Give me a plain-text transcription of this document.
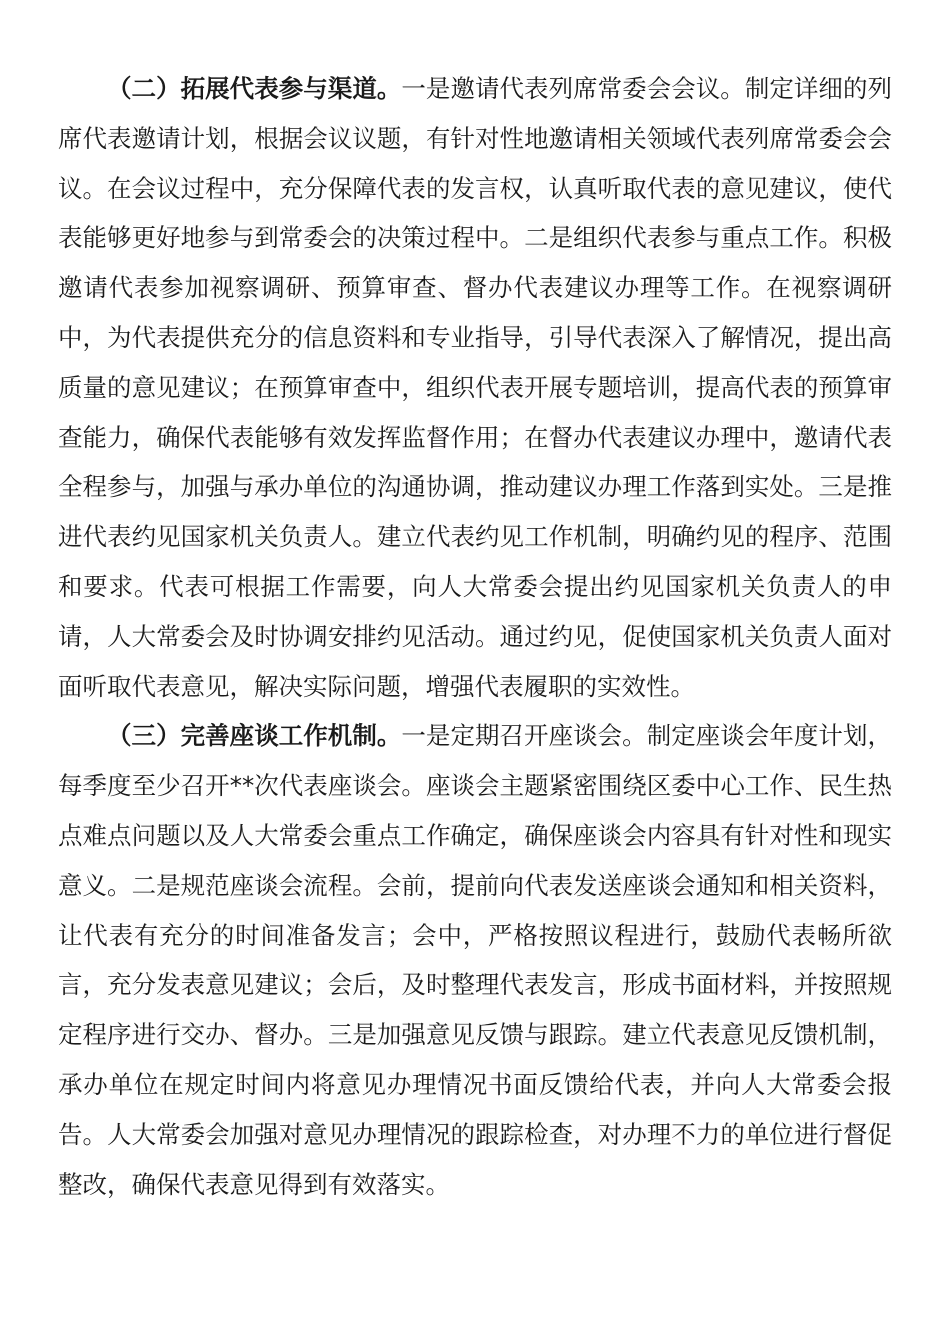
（二）拓展代表参与渠道。一是邀请代表列席常委会会议。制定详细的列席代表邀请计划，根据会议议题，有针对性地邀请相关领域代表列席常委会会议。在会议过程中，充分保障代表的发言权，认真听取代表的意见建议，使代表能够更好地参与到常委会的决策过程中。二是组织代表参与重点工作。积极邀请代表参加视察调研、预算审查、督办代表建议办理等工作。在视察调研中，为代表提供充分的信息资料和专业指导，引导代表深入了解情况，提出高质量的意见建议；在预算审查中，组织代表开展专题培训，提高代表的预算审查能力，确保代表能够有效发挥监督作用；在督办代表建议办理中，邀请代表全程参与，加强与承办单位的沟通协调，推动建议办理工作落到实处。三是推进代表约见国家机关负责人。建立代表约见工作机制，明确约见的程序、范围和要求。代表可根据工作需要，向人大常委会提出约见国家机关负责人的申请，人大常委会及时协调安排约见活动。通过约见，促使国家机关负责人面对面听取代表意见，解决实际问题，增强代表履职的实效性。

（三）完善座谈工作机制。一是定期召开座谈会。制定座谈会年度计划，每季度至少召开**次代表座谈会。座谈会主题紧密围绕区委中心工作、民生热点难点问题以及人大常委会重点工作确定，确保座谈会内容具有针对性和现实意义。二是规范座谈会流程。会前，提前向代表发送座谈会通知和相关资料，让代表有充分的时间准备发言；会中，严格按照议程进行，鼓励代表畅所欲言，充分发表意见建议；会后，及时整理代表发言，形成书面材料，并按照规定程序进行交办、督办。三是加强意见反馈与跟踪。建立代表意见反馈机制，承办单位在规定时间内将意见办理情况书面反馈给代表，并向人大常委会报告。人大常委会加强对意见办理情况的跟踪检查，对办理不力的单位进行督促整改，确保代表意见得到有效落实。
